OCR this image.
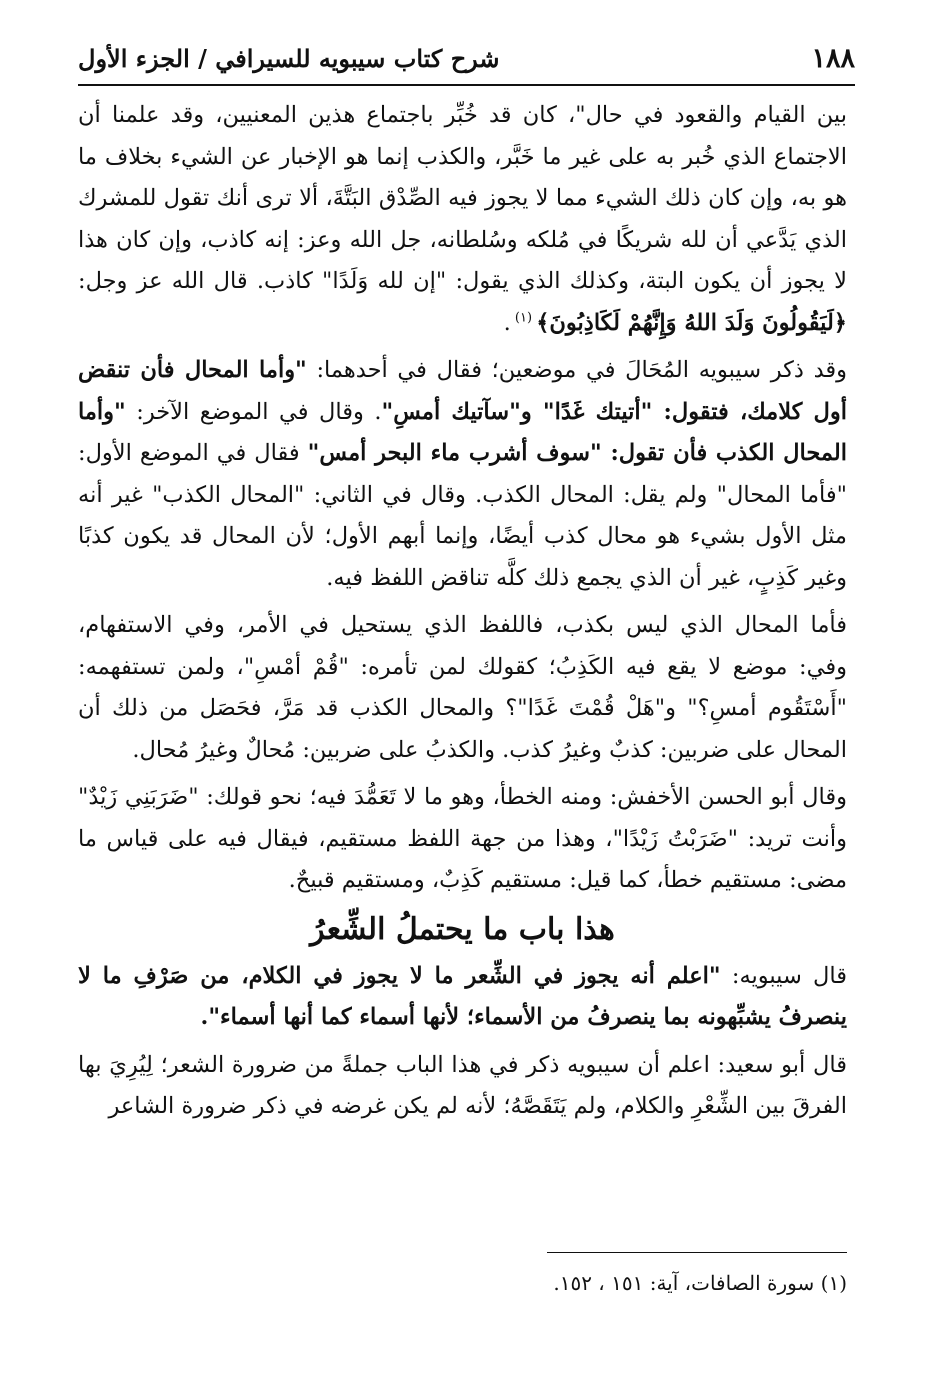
١٨٨
شرح كتاب سيبويه للسيرافي / الجزء الأول

بين القيام والقعود في حال"، كان قد خُبِّر باجتماع هذين المعنيين، وقد علمنا أن الاجتماع الذي خُبر به على غير ما خَبَّر، والكذب إنما هو الإخبار عن الشيء بخلاف ما هو به، وإن كان ذلك الشيء مما لا يجوز فيه الصِّدْق البَتَّةَ، ألا ترى أنك تقول للمشرك الذي يَدَّعي أن لله شريكًا في مُلكه وسُلطانه، جل الله وعز: إنه كاذب، وإن كان هذا لا يجوز أن يكون البتة، وكذلك الذي يقول: "إن لله وَلَدًا" كاذب. قال الله عز وجل: ﴿لَيَقُولُونَ وَلَدَ اللهُ وَإِنَّهُمْ لَكَاذِبُونَ﴾ $^{(١)}$ .

وقد ذكر سيبويه المُحَالَ في موضعين؛ فقال في أحدهما: "وأما المحال فأن تنقض أول كلامك، فتقول: "أتيتك غَدًا" و"سآتيك أمسِ". وقال في الموضع الآخر: "وأما المحال الكذب فأن تقول: "سوف أشرب ماء البحر أمس" فقال في الموضع الأول: "فأما المحال" ولم يقل: المحال الكذب. وقال في الثاني: "المحال الكذب" غير أنه مثل الأول بشيء هو محال كذب أيضًا، وإنما أبهم الأول؛ لأن المحال قد يكون كذبًا وغير كَذِبٍ، غير أن الذي يجمع ذلك كلَّه تناقض اللفظ فيه.

فأما المحال الذي ليس بكذب، فاللفظ الذي يستحيل في الأمر، وفي الاستفهام، وفي: موضع لا يقع فيه الكَذِبُ؛ كقولك لمن تأمره: "قُمْ أمْسِ"، ولمن تستفهمه: "أَسْتَقُوم أمسِ؟" و"هَلْ قُمْتَ غَدًا"؟ والمحال الكذب قد مَرَّ، فحَصَل من ذلك أن المحال على ضربين: كذبٌ وغيرُ كذب. والكذبُ على ضربين: مُحالٌ وغيرُ مُحال.

وقال أبو الحسن الأخفش: ومنه الخطأ، وهو ما لا تَعَمُّدَ فيه؛ نحو قولك: "ضَرَبَنِي زَيْدٌ" وأنت تريد: "ضَرَبْتُ زَيْدًا"، وهذا من جهة اللفظ مستقيم، فيقال فيه على قياس ما مضى: مستقيم خطأ، كما قيل: مستقيم كَذِبٌ، ومستقيم قبيحٌ.

هذا باب ما يحتملُ الشِّعرُ

قال سيبويه: "اعلم أنه يجوز في الشِّعر ما لا يجوز في الكلام، من صَرْفِ ما لا ينصرفُ يشبِّهونه بما ينصرفُ من الأسماء؛ لأنها أسماء كما أنها أسماء".

قال أبو سعيد: اعلم أن سيبويه ذكر في هذا الباب جملةً من ضرورة الشعر؛ لِيُرِيَ بها الفرقَ بين الشِّعْرِ والكلام، ولم يَتَقَصَّهُ؛ لأنه لم يكن غرضه في ذكر ضرورة الشاعر

(١) سورة الصافات، آية: ١٥١ ، ١٥٢.
